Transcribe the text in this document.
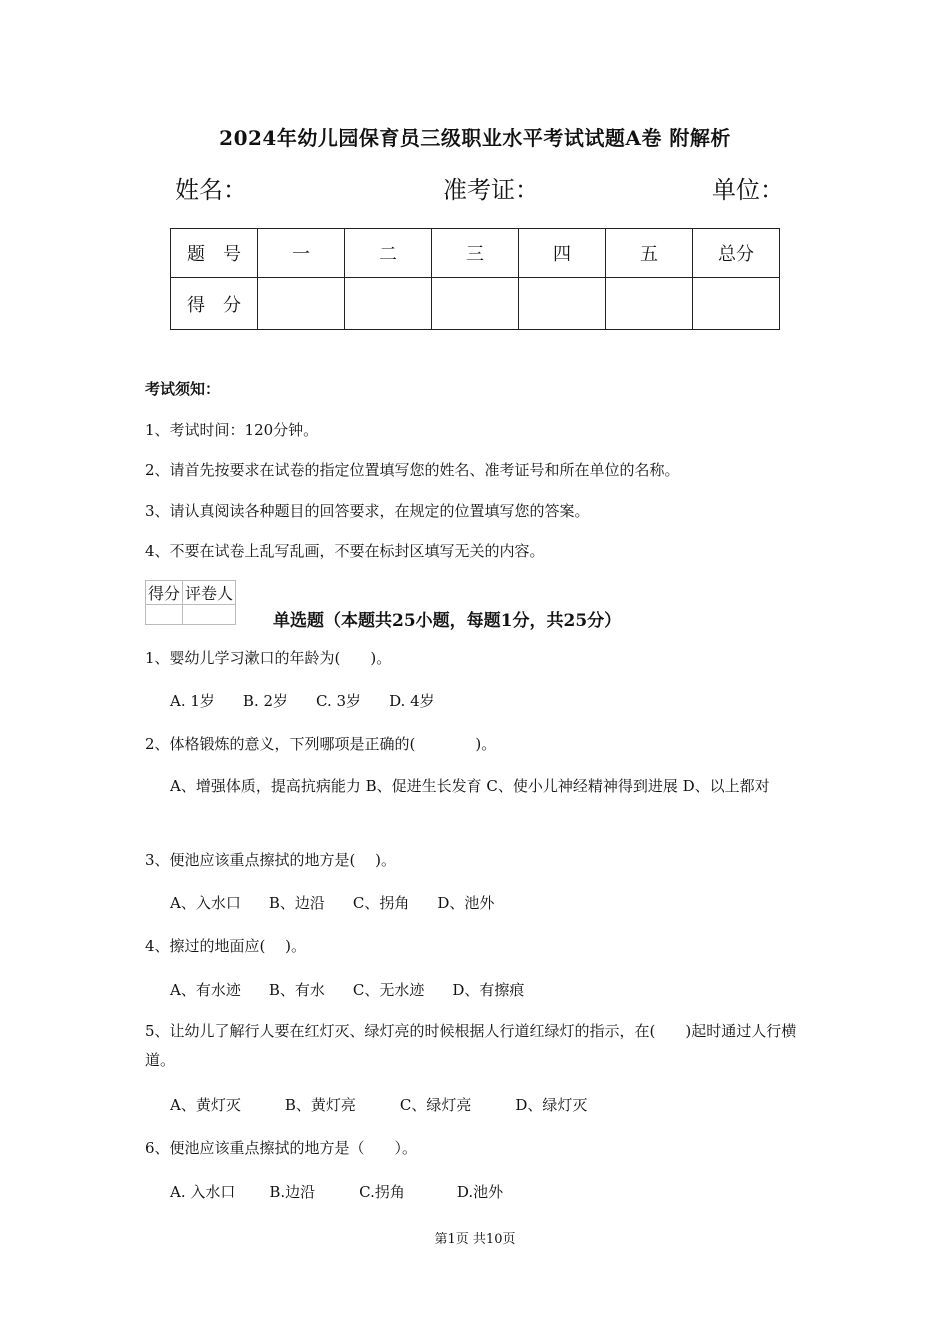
2024年幼儿园保育员三级职业水平考试试题A卷 附解析
姓名：	准考证：	单位：
题　号	一	二	三	四	五	总分
得　分						
考试须知：
1、考试时间：120分钟。
2、请首先按要求在试卷的指定位置填写您的姓名、准考证号和所在单位的名称。
3、请认真阅读各种题目的回答要求，在规定的位置填写您的答案。
4、不要在试卷上乱写乱画，不要在标封区填写无关的内容。
得分	评卷人

单选题（本题共25小题，每题1分，共25分）
1、婴幼儿学习漱口的年龄为(　　)。
A. 1岁 B. 2岁 C. 3岁 D. 4岁
2、体格锻炼的意义，下列哪项是正确的(　　　　)。
A、增强体质，提高抗病能力 B、促进生长发育 C、使小儿神经精神得到进展 D、以上都对
3、便池应该重点擦拭的地方是(　 )。
A、入水口 B、边沿 C、拐角 D、池外
4、擦过的地面应(　 )。
A、有水迹 B、有水 C、无水迹 D、有擦痕
5、让幼儿了解行人要在红灯灭、绿灯亮的时候根据人行道红绿灯的指示，在(　　)起时通过人行横道。
A、黄灯灭	B、黄灯亮	C、绿灯亮	D、绿灯灭
6、便池应该重点擦拭的地方是（　　）。
A. 入水口 B.边沿	C.拐角	D.池外
第1页 共10页
